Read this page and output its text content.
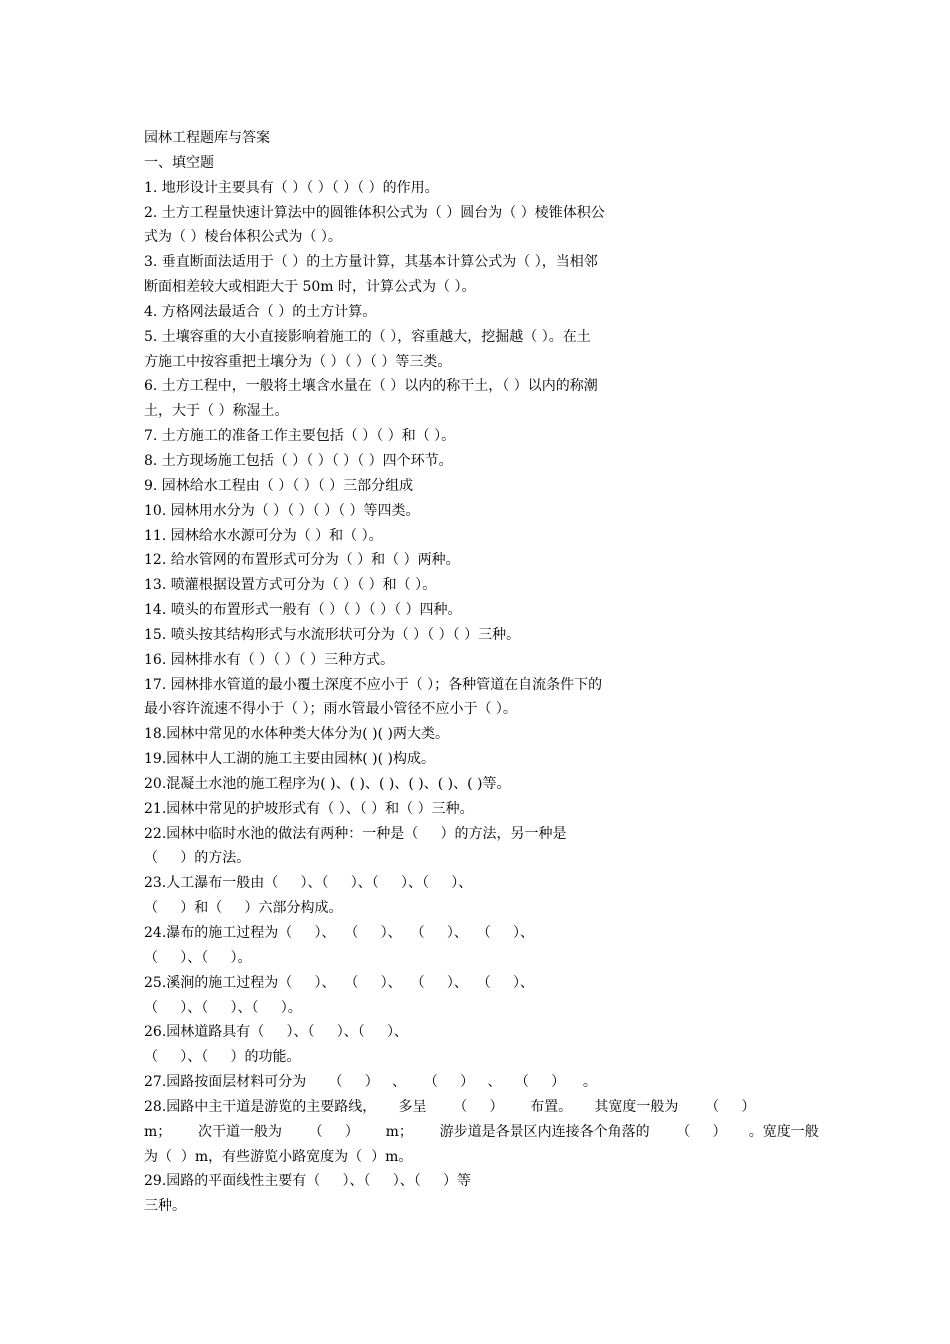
园林工程题库与答案
一、填空题
1. 地形设计主要具有（ ）（ ）（ ）（ ）的作用。
2. 土方工程量快速计算法中的圆锥体积公式为（ ）圆台为（ ）棱锥体积公
式为（ ）棱台体积公式为（ ）。
3. 垂直断面法适用于（ ）的土方量计算，其基本计算公式为（ ），当相邻
断面相差较大或相距大于 50m 时，计算公式为（ ）。
4. 方格网法最适合（ ）的土方计算。
5. 土壤容重的大小直接影响着施工的（ ），容重越大，挖掘越（ ）。在土
方施工中按容重把土壤分为（ ）（ ）（ ）等三类。
6. 土方工程中，一般将土壤含水量在（ ）以内的称干土，（ ）以内的称潮
土，大于（ ）称湿土。
7. 土方施工的准备工作主要包括（ ）（ ）和（ ）。
8. 土方现场施工包括（ ）（ ）（ ）（ ）四个环节。
9. 园林给水工程由（ ）（ ）（ ）三部分组成
10. 园林用水分为（ ）（ ）（ ）（ ）等四类。
11. 园林给水水源可分为（ ）和（ ）。
12. 给水管网的布置形式可分为（ ）和（ ）两种。
13. 喷灌根据设置方式可分为（ ）（ ）和（ ）。
14. 喷头的布置形式一般有（ ）（ ）（ ）（ ）四种。
15. 喷头按其结构形式与水流形状可分为（ ）（ ）（ ）三种。
16. 园林排水有（ ）（ ）（ ）三种方式。
17. 园林排水管道的最小覆土深度不应小于（ ）；各种管道在自流条件下的
最小容许流速不得小于（ ）；雨水管最小管径不应小于（ ）。
18.园林中常见的水体种类大体分为( )( )两大类。
19.园林中人工湖的施工主要由园林( )( )构成。
20.混凝土水池的施工程序为( )、( )、( )、( )、( )、( )等。
21.园林中常见的护坡形式有（ ）、（ ）和（ ）三种。
22.园林中临时水池的做法有两种：一种是（     ）的方法，另一种是
（     ）的方法。
23.人工瀑布一般由（     ）、（     ）、（     ）、（     ）、
（     ）和（     ）六部分构成。
24.瀑布的施工过程为（     ）、  （     ）、  （     ）、  （     ）、
（     ）、（     ）。
25.溪涧的施工过程为（     ）、  （     ）、  （     ）、  （     ）、
（     ）、（     ）、（     ）。
26.园林道路具有（     ）、（     ）、（     ）、
（     ）、（     ）的功能。
27.园路按面层材料可分为     （     ）   、    （     ）   、   （     ）    。
28.园路中主干道是游览的主要路线，     多呈      （     ）      布置。     其宽度一般为      （     ）
m；      次干道一般为      （     ）      m；      游步道是各景区内连接各个角落的      （     ）     。宽度一般
为（  ）m，有些游览小路宽度为（  ）m。
29.园路的平面线性主要有（     ）、（     ）、（     ）等
三种。
